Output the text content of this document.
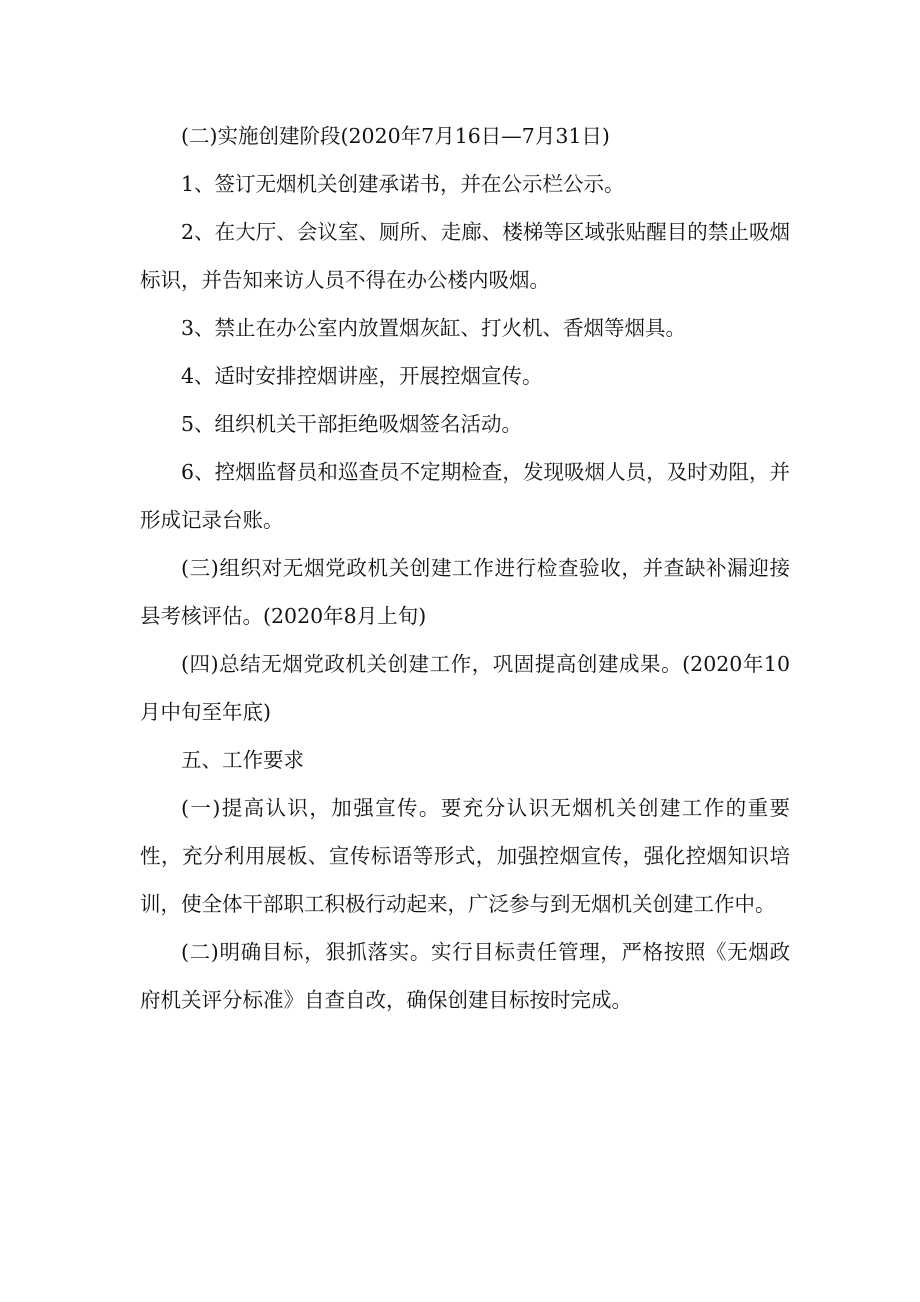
(二)实施创建阶段(2020年7月16日—7月31日)

1、签订无烟机关创建承诺书，并在公示栏公示。

2、在大厅、会议室、厕所、走廊、楼梯等区域张贴醒目的禁止吸烟标识，并告知来访人员不得在办公楼内吸烟。

3、禁止在办公室内放置烟灰缸、打火机、香烟等烟具。

4、适时安排控烟讲座，开展控烟宣传。

5、组织机关干部拒绝吸烟签名活动。

6、控烟监督员和巡查员不定期检查，发现吸烟人员，及时劝阻，并形成记录台账。

(三)组织对无烟党政机关创建工作进行检查验收，并查缺补漏迎接县考核评估。(2020年8月上旬)

(四)总结无烟党政机关创建工作，巩固提高创建成果。(2020年10月中旬至年底)

五、工作要求

(一)提高认识，加强宣传。要充分认识无烟机关创建工作的重要性，充分利用展板、宣传标语等形式，加强控烟宣传，强化控烟知识培训，使全体干部职工积极行动起来，广泛参与到无烟机关创建工作中。

(二)明确目标，狠抓落实。实行目标责任管理，严格按照《无烟政府机关评分标准》自查自改，确保创建目标按时完成。
